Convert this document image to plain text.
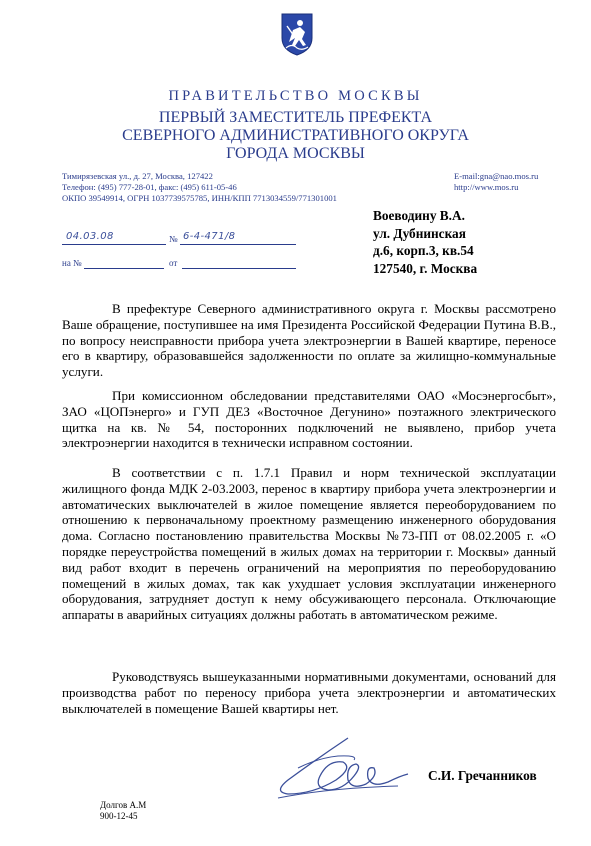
ПРАВИТЕЛЬСТВО МОСКВЫ
ПЕРВЫЙ ЗАМЕСТИТЕЛЬ ПРЕФЕКТА
СЕВЕРНОГО АДМИНИСТРАТИВНОГО ОКРУГА
ГОРОДА МОСКВЫ
Тимирязевская ул., д. 27, Москва, 127422
Телефон: (495) 777-28-01, факс: (495) 611-05-46
ОКПО 39549914, ОГРН 1037739575785, ИНН/КПП 7713034559/771301001
E-mail:gna@nao.mos.ru
http://www.mos.ru
04.03.08	№ 6-4-471/8
на №	от
Воеводину В.А.
ул. Дубнинская
д.6, корп.3, кв.54
127540, г. Москва

В префектуре Северного административного округа г. Москвы рассмотрено Ваше обращение, поступившее на имя Президента Российской Федерации Путина В.В., по вопросу неисправности прибора учета электроэнергии в Вашей квартире, переносе его в квартиру, образовавшейся задолженности по оплате за жилищно-коммунальные услуги.

При комиссионном обследовании представителями ОАО «Мосэнергосбыт», ЗАО «ЦОПэнерго» и ГУП ДЕЗ «Восточное Дегунино» поэтажного электрического щитка на кв. № 54, посторонних подключений не выявлено, прибор учета электроэнергии находится в технически исправном состоянии.

В соответствии с п. 1.7.1 Правил и норм технической эксплуатации жилищного фонда МДК 2-03.2003, перенос в квартиру прибора учета электроэнергии и автоматических выключателей в жилое помещение является переоборудованием по отношению к первоначальному проектному размещению инженерного оборудования дома. Согласно постановлению правительства Москвы №73-ПП от 08.02.2005 г. «О порядке переустройства помещений в жилых домах на территории г. Москвы» данный вид работ входит в перечень ограничений на мероприятия по переоборудованию помещений в жилых домах, так как ухудшает условия эксплуатации инженерного оборудования, затрудняет доступ к нему обсуживающего персонала. Отключающие аппараты в аварийных ситуациях должны работать в автоматическом режиме.

Руководствуясь вышеуказанными нормативными документами, оснований для производства работ по переносу прибора учета электроэнергии и автоматических выключателей в помещение Вашей квартиры нет.

С.И. Гречанников
Долгов А.М
900-12-45
